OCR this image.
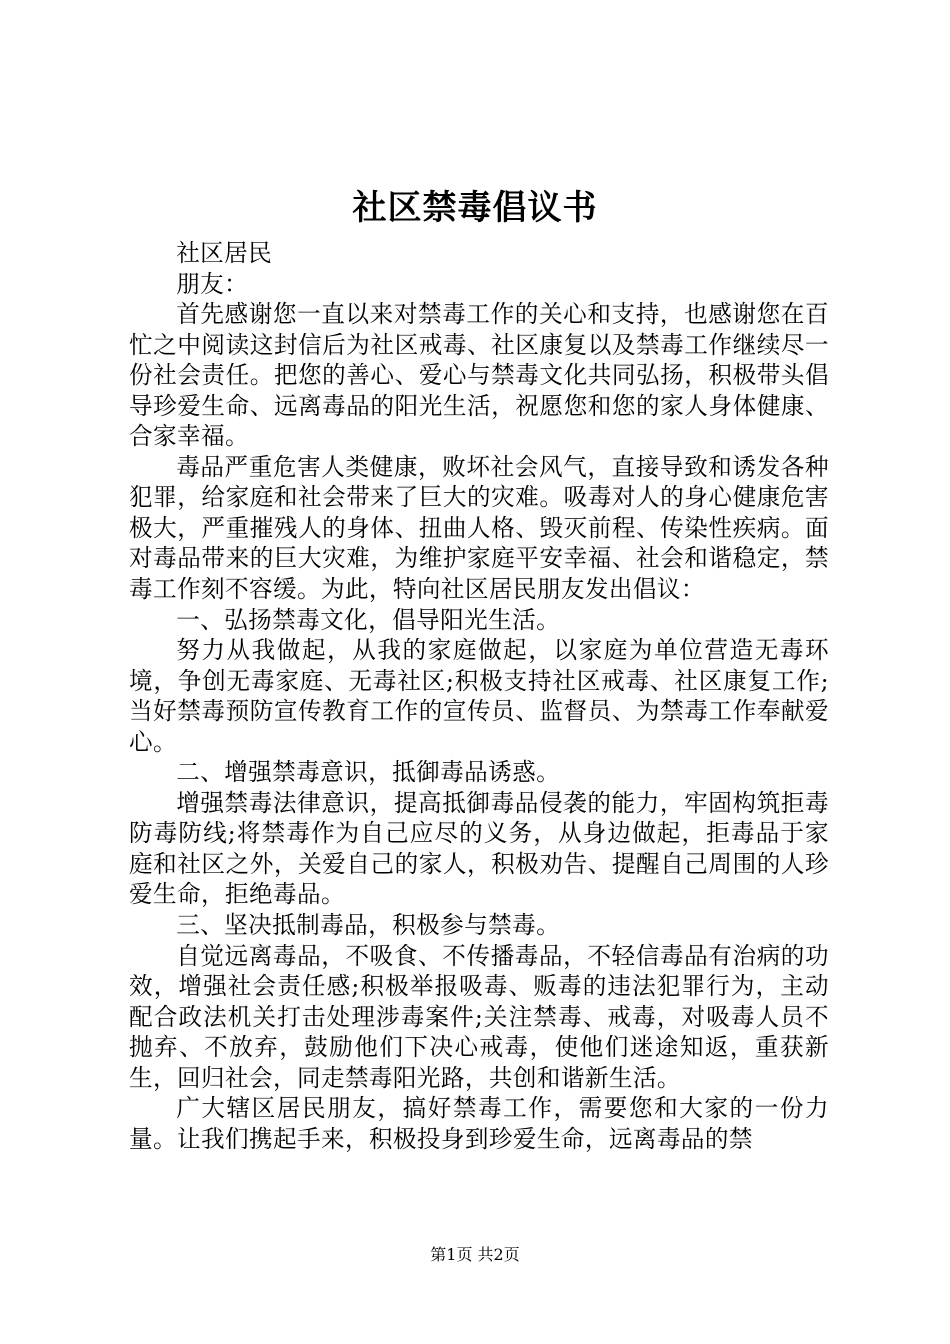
社区禁毒倡议书

社区居民

朋友：

首先感谢您一直以来对禁毒工作的关心和支持，也感谢您在百忙之中阅读这封信后为社区戒毒、社区康复以及禁毒工作继续尽一份社会责任。把您的善心、爱心与禁毒文化共同弘扬，积极带头倡导珍爱生命、远离毒品的阳光生活，祝愿您和您的家人身体健康、合家幸福。

毒品严重危害人类健康，败坏社会风气，直接导致和诱发各种犯罪，给家庭和社会带来了巨大的灾难。吸毒对人的身心健康危害极大，严重摧残人的身体、扭曲人格、毁灭前程、传染性疾病。面对毒品带来的巨大灾难，为维护家庭平安幸福、社会和谐稳定，禁毒工作刻不容缓。为此，特向社区居民朋友发出倡议：

一、弘扬禁毒文化，倡导阳光生活。

努力从我做起，从我的家庭做起，以家庭为单位营造无毒环境，争创无毒家庭、无毒社区;积极支持社区戒毒、社区康复工作;当好禁毒预防宣传教育工作的宣传员、监督员、为禁毒工作奉献爱心。

二、增强禁毒意识，抵御毒品诱惑。

增强禁毒法律意识，提高抵御毒品侵袭的能力，牢固构筑拒毒防毒防线;将禁毒作为自己应尽的义务，从身边做起，拒毒品于家庭和社区之外，关爱自己的家人，积极劝告、提醒自己周围的人珍爱生命，拒绝毒品。

三、坚决抵制毒品，积极参与禁毒。

自觉远离毒品，不吸食、不传播毒品，不轻信毒品有治病的功效，增强社会责任感;积极举报吸毒、贩毒的违法犯罪行为，主动配合政法机关打击处理涉毒案件;关注禁毒、戒毒，对吸毒人员不抛弃、不放弃，鼓励他们下决心戒毒，使他们迷途知返，重获新生，回归社会，同走禁毒阳光路，共创和谐新生活。

广大辖区居民朋友，搞好禁毒工作，需要您和大家的一份力量。让我们携起手来，积极投身到珍爱生命，远离毒品的禁

第1页 共2页
